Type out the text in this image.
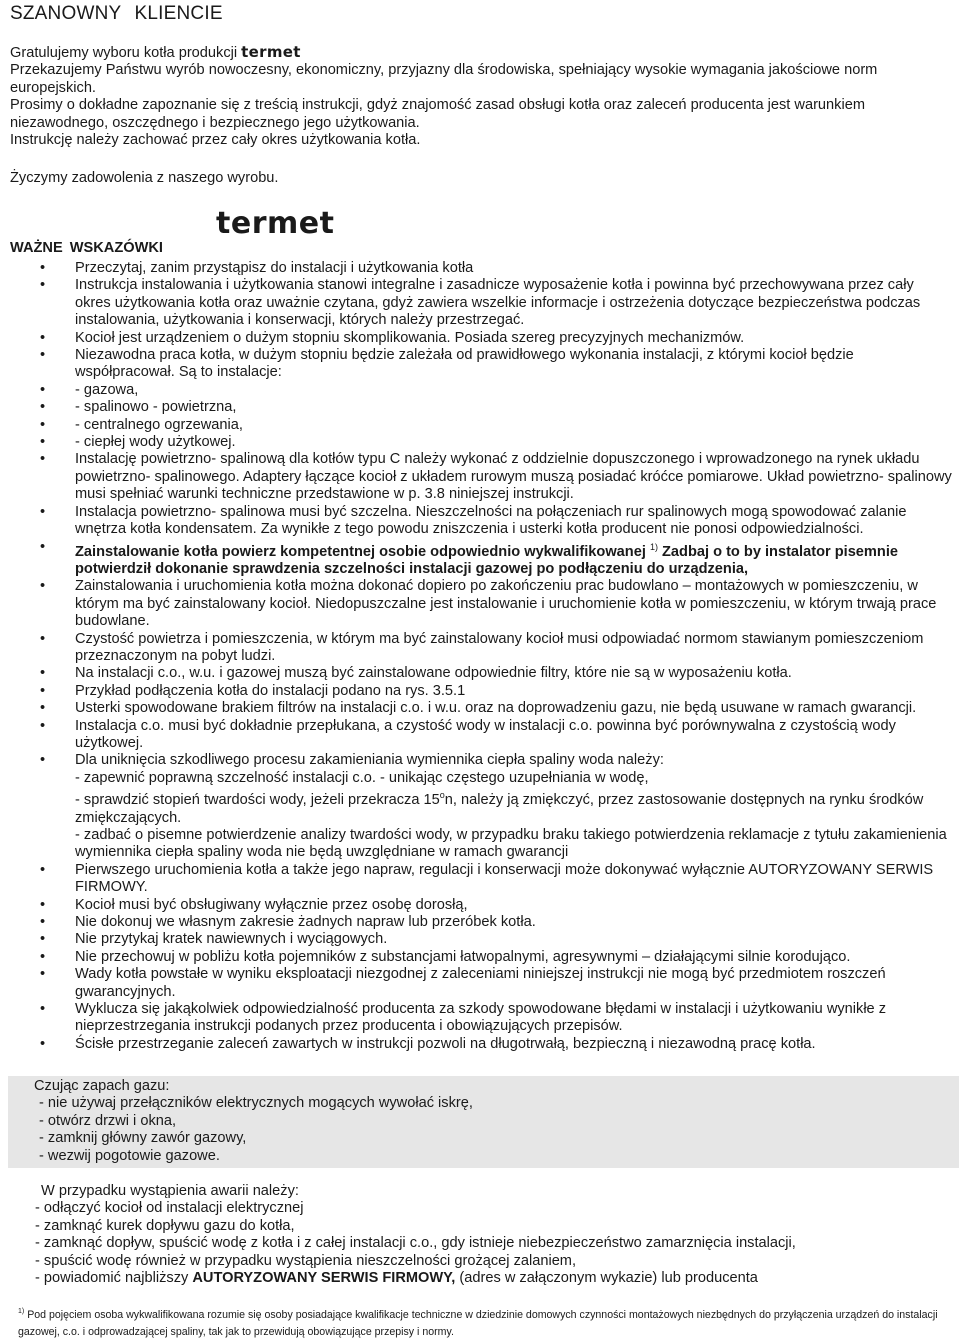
SZANOWNY KLIENCIE

Gratulujemy wyboru kotła produkcji termet

Przekazujemy Państwu wyrób nowoczesny, ekonomiczny, przyjazny dla środowiska, spełniający wysokie wymagania jakościowe norm europejskich.

Prosimy o dokładne zapoznanie się z treścią instrukcji, gdyż znajomość zasad obsługi kotła oraz zaleceń producenta jest warunkiem niezawodnego, oszczędnego i bezpiecznego jego użytkowania.

Instrukcję należy zachować przez cały okres użytkowania kotła.

Życzymy zadowolenia z naszego wyrobu.
termet
WAŻNE WSKAZÓWKI
• Przeczytaj, zanim przystąpisz do instalacji i użytkowania kotła
• Instrukcja instalowania i użytkowania stanowi integralne i zasadnicze wyposażenie kotła i powinna być przechowywana przez cały okres użytkowania kotła oraz uważnie czytana, gdyż zawiera wszelkie informacje i ostrzeżenia dotyczące bezpieczeństwa podczas instalowania, użytkowania i konserwacji, których należy przestrzegać.
• Kocioł jest urządzeniem o dużym stopniu skomplikowania. Posiada szereg precyzyjnych mechanizmów.
• Niezawodna praca kotła, w dużym stopniu będzie zależała od prawidłowego wykonania instalacji, z którymi kocioł będzie współpracował. Są to instalacje:
• - gazowa,
• - spalinowo - powietrzna,
• - centralnego ogrzewania,
• - ciepłej wody użytkowej.
• Instalację powietrzno- spalinową dla kotłów typu C należy wykonać z oddzielnie dopuszczonego i wprowadzonego na rynek układu powietrzno- spalinowego. Adaptery łączące kocioł z układem rurowym muszą posiadać króćce pomiarowe. Układ powietrzno- spalinowy musi spełniać warunki techniczne przedstawione w p. 3.8 niniejszej instrukcji.
• Instalacja powietrzno- spalinowa musi być szczelna. Nieszczelności na połączeniach rur spalinowych mogą spowodować zalanie wnętrza kotła kondensatem. Za wynikłe z tego powodu zniszczenia i usterki kotła producent nie ponosi odpowiedzialności.
• Zainstalowanie kotła powierz kompetentnej osobie odpowiednio wykwalifikowanej $^{1)}$ Zadbaj o to by instalator pisemnie potwierdził dokonanie sprawdzenia szczelności instalacji gazowej po podłączeniu do urządzenia,
• Zainstalowania i uruchomienia kotła można dokonać dopiero po zakończeniu prac budowlano – montażowych w pomieszczeniu, w którym ma być zainstalowany kocioł. Niedopuszczalne jest instalowanie i uruchomienie kotła w pomieszczeniu, w którym trwają prace budowlane.
• Czystość powietrza i pomieszczenia, w którym ma być zainstalowany kocioł musi odpowiadać normom stawianym pomieszczeniom przeznaczonym na pobyt ludzi.
• Na instalacji c.o., w.u. i gazowej muszą być zainstalowane odpowiednie filtry, które nie są w wyposażeniu kotła.
• Przykład podłączenia kotła do instalacji podano na rys. 3.5.1
• Usterki spowodowane brakiem filtrów na instalacji c.o. i w.u. oraz na doprowadzeniu gazu, nie będą usuwane w ramach gwarancji.
• Instalacja c.o. musi być dokładnie przepłukana, a czystość wody w instalacji c.o. powinna być porównywalna z czystością wody użytkowej.
• Dla uniknięcia szkodliwego procesu zakamieniania wymiennika ciepła spaliny woda należy:
- zapewnić poprawną szczelność instalacji c.o. - unikając częstego uzupełniania w wodę,
- sprawdzić stopień twardości wody, jeżeli przekracza 15$^o$n, należy ją zmiękczyć, przez zastosowanie dostępnych na rynku środków zmiękczających.
- zadbać o pisemne potwierdzenie analizy twardości wody, w przypadku braku takiego potwierdzenia reklamacje z tytułu zakamienienia wymiennika ciepła spaliny woda nie będą uwzględniane w ramach gwarancji
• Pierwszego uruchomienia kotła a także jego napraw, regulacji i konserwacji może dokonywać wyłącznie AUTORYZOWANY SERWIS FIRMOWY.
• Kocioł musi być obsługiwany wyłącznie przez osobę dorosłą,
• Nie dokonuj we własnym zakresie żadnych napraw lub przeróbek kotła.
• Nie przytykaj kratek nawiewnych i wyciągowych.
• Nie przechowuj w pobliżu kotła pojemników z substancjami łatwopalnymi, agresywnymi – działającymi silnie korodująco.
• Wady kotła powstałe w wyniku eksploatacji niezgodnej z zaleceniami niniejszej instrukcji nie mogą być przedmiotem roszczeń gwarancyjnych.
• Wyklucza się jakąkolwiek odpowiedzialność producenta za szkody spowodowane błędami w instalacji i użytkowaniu wynikłe z nieprzestrzegania instrukcji podanych przez producenta i obowiązujących przepisów.
• Ścisłe przestrzeganie zaleceń zawartych w instrukcji pozwoli na długotrwałą, bezpieczną i niezawodną pracę kotła.
Czując zapach gazu:
- nie używaj przełączników elektrycznych mogących wywołać iskrę,
- otwórz drzwi i okna,
- zamknij główny zawór gazowy,
- wezwij pogotowie gazowe.
W przypadku wystąpienia awarii należy:
- odłączyć kocioł od instalacji elektrycznej
- zamknąć kurek dopływu gazu do kotła,
- zamknąć dopływ, spuścić wodę z kotła i z całej instalacji c.o., gdy istnieje niebezpieczeństwo zamarznięcia instalacji,
- spuścić wodę również w przypadku wystąpienia nieszczelności grożącej zalaniem,
- powiadomić najbliższy AUTORYZOWANY SERWIS FIRMOWY, (adres w załączonym wykazie) lub producenta
$^{1)}$ Pod pojęciem osoba wykwalifikowana rozumie się osoby posiadające kwalifikacje techniczne w dziedzinie domowych czynności montażowych niezbędnych do przyłączenia urządzeń do instalacji gazowej, c.o. i odprowadzającej spaliny, tak jak to przewidują obowiązujące przepisy i normy.
